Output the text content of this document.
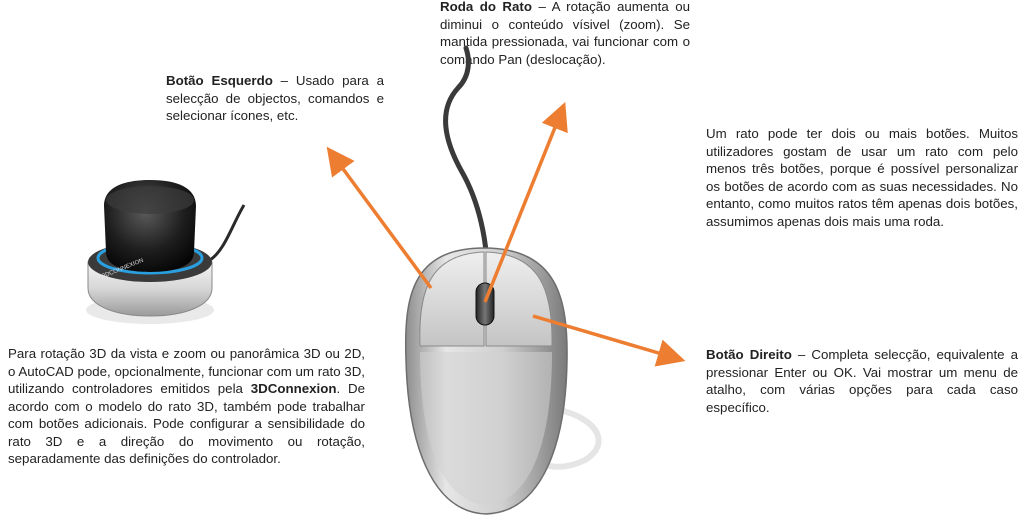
Roda do Rato – A rotação aumenta ou diminui o conteúdo vísivel (zoom). Se mantida pressionada, vai funcionar com o comando Pan (deslocação).

Botão Esquerdo – Usado para a selecção de objectos, comandos e selecionar ícones, etc.

Um rato pode ter dois ou mais botões. Muitos utilizadores gostam de usar um rato com pelo menos três botões, porque é possível personalizar os botões de acordo com as suas necessidades. No entanto, como muitos ratos têm apenas dois botões, assumimos apenas dois mais uma roda.

Botão Direito – Completa selecção, equivalente a pressionar Enter ou OK. Vai mostrar um menu de atalho, com várias opções para cada caso específico.

Para rotação 3D da vista e zoom ou panorâmica 3D ou 2D, o AutoCAD pode, opcionalmente, funcionar com um rato 3D, utilizando controladores emitidos pela 3DConnexion. De acordo com o modelo do rato 3D, também pode trabalhar com botões adicionais. Pode configurar a sensibilidade do rato 3D e a direção do movimento ou rotação, separadamente das definições do controlador.

3DCONNEXION
